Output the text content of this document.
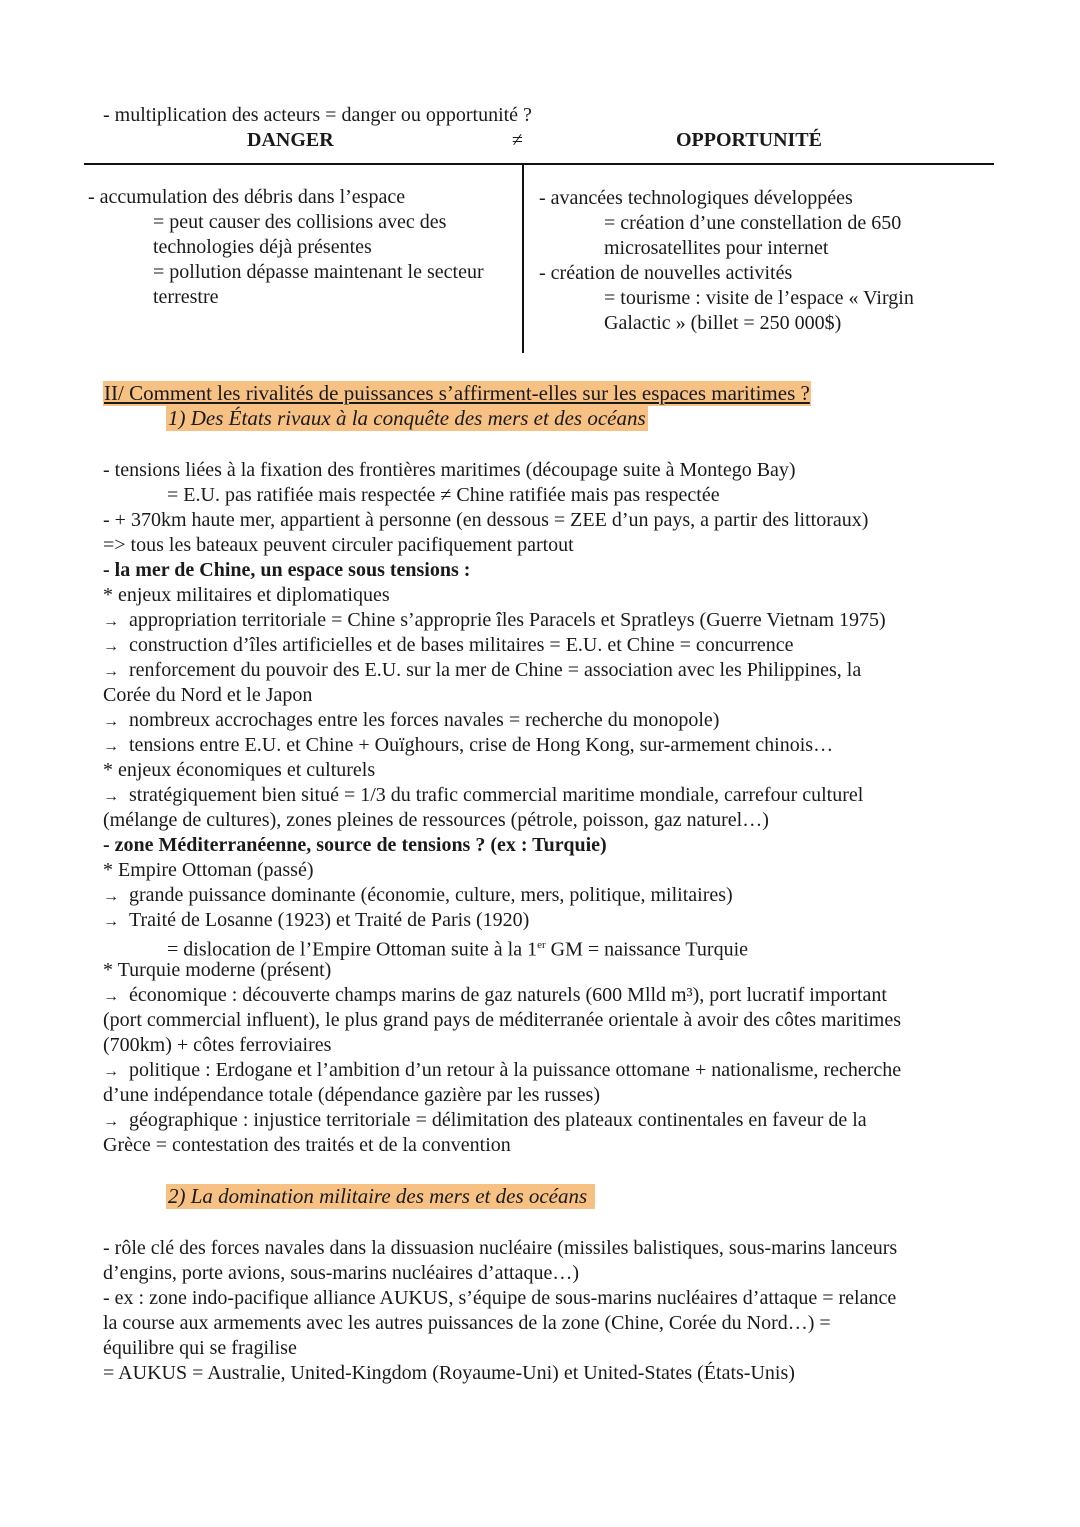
- multiplication des acteurs = danger ou opportunité ?
DANGER	≠	OPPORTUNITÉ
- accumulation des débris dans l’espace
= peut causer des collisions avec des
technologies déjà présentes
= pollution dépasse maintenant le secteur
terrestre
- avancées technologiques développées
= création d’une constellation de 650
microsatellites pour internet
- création de nouvelles activités
= tourisme : visite de l’espace « Virgin
Galactic » (billet = 250 000$)
II/ Comment les rivalités de puissances s’affirment-elles sur les espaces maritimes ?
1) Des États rivaux à la conquête des mers et des océans
- tensions liées à la fixation des frontières maritimes (découpage suite à Montego Bay)
= E.U. pas ratifiée mais respectée ≠ Chine ratifiée mais pas respectée
- + 370km haute mer, appartient à personne (en dessous = ZEE d’un pays, a partir des littoraux)
=> tous les bateaux peuvent circuler pacifiquement partout
- la mer de Chine, un espace sous tensions :
* enjeux militaires et diplomatiques
→ appropriation territoriale = Chine s’approprie îles Paracels et Spratleys (Guerre Vietnam 1975)
→ construction d’îles artificielles et de bases militaires = E.U. et Chine = concurrence
→ renforcement du pouvoir des E.U. sur la mer de Chine = association avec les Philippines, la
Corée du Nord et le Japon
→ nombreux accrochages entre les forces navales = recherche du monopole)
→ tensions entre E.U. et Chine + Ouïghours, crise de Hong Kong, sur-armement chinois…
* enjeux économiques et culturels
→ stratégiquement bien situé = 1/3 du trafic commercial maritime mondiale, carrefour culturel
(mélange de cultures), zones pleines de ressources (pétrole, poisson, gaz naturel…)
- zone Méditerranéenne, source de tensions ? (ex : Turquie)
* Empire Ottoman (passé)
→ grande puissance dominante (économie, culture, mers, politique, militaires)
→ Traité de Losanne (1923) et Traité de Paris (1920)
= dislocation de l’Empire Ottoman suite à la 1er GM = naissance Turquie
* Turquie moderne (présent)
→ économique : découverte champs marins de gaz naturels (600 Mlld m³), port lucratif important
(port commercial influent), le plus grand pays de méditerranée orientale à avoir des côtes maritimes
(700km) + côtes ferroviaires
→ politique : Erdogane et l’ambition d’un retour à la puissance ottomane + nationalisme, recherche
d’une indépendance totale (dépendance gazière par les russes)
→ géographique : injustice territoriale = délimitation des plateaux continentales en faveur de la
Grèce = contestation des traités et de la convention
2) La domination militaire des mers et des océans
- rôle clé des forces navales dans la dissuasion nucléaire (missiles balistiques, sous-marins lanceurs
d’engins, porte avions, sous-marins nucléaires d’attaque…)
- ex : zone indo-pacifique alliance AUKUS, s’équipe de sous-marins nucléaires d’attaque = relance
la course aux armements avec les autres puissances de la zone (Chine, Corée du Nord…) =
équilibre qui se fragilise
= AUKUS = Australie, United-Kingdom (Royaume-Uni) et United-States (États-Unis)
